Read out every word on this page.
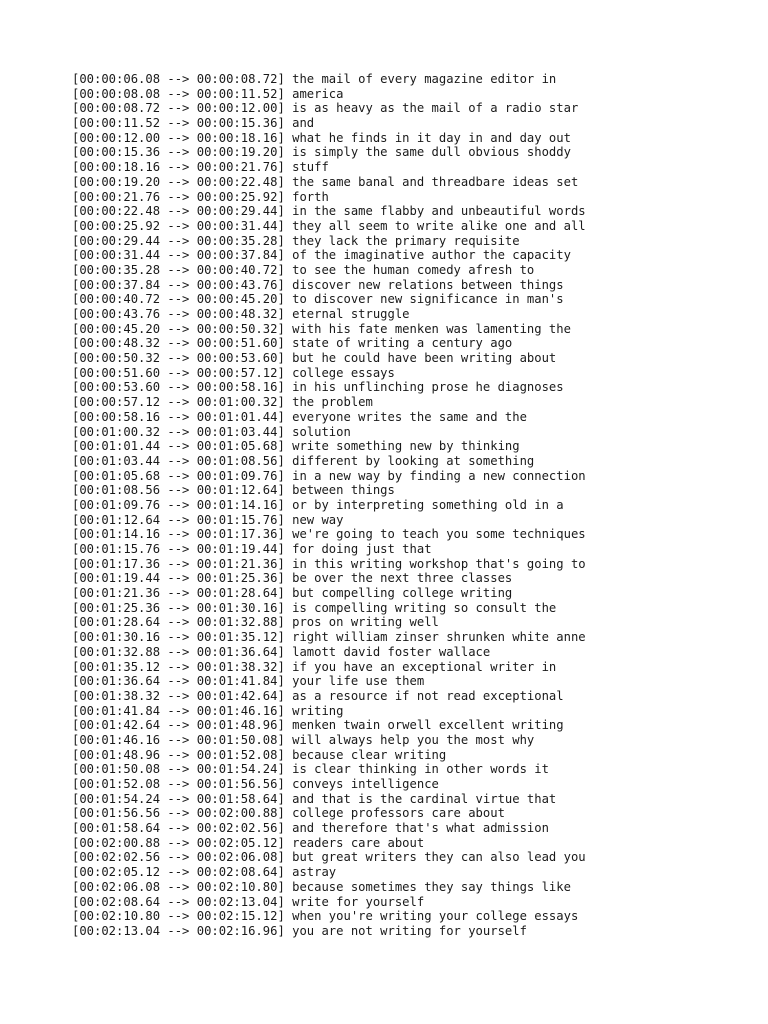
[00:00:06.08 --> 00:00:08.72] the mail of every magazine editor in
[00:00:08.08 --> 00:00:11.52] america
[00:00:08.72 --> 00:00:12.00] is as heavy as the mail of a radio star
[00:00:11.52 --> 00:00:15.36] and
[00:00:12.00 --> 00:00:18.16] what he finds in it day in and day out
[00:00:15.36 --> 00:00:19.20] is simply the same dull obvious shoddy
[00:00:18.16 --> 00:00:21.76] stuff
[00:00:19.20 --> 00:00:22.48] the same banal and threadbare ideas set
[00:00:21.76 --> 00:00:25.92] forth
[00:00:22.48 --> 00:00:29.44] in the same flabby and unbeautiful words
[00:00:25.92 --> 00:00:31.44] they all seem to write alike one and all
[00:00:29.44 --> 00:00:35.28] they lack the primary requisite
[00:00:31.44 --> 00:00:37.84] of the imaginative author the capacity
[00:00:35.28 --> 00:00:40.72] to see the human comedy afresh to
[00:00:37.84 --> 00:00:43.76] discover new relations between things
[00:00:40.72 --> 00:00:45.20] to discover new significance in man's
[00:00:43.76 --> 00:00:48.32] eternal struggle
[00:00:45.20 --> 00:00:50.32] with his fate menken was lamenting the
[00:00:48.32 --> 00:00:51.60] state of writing a century ago
[00:00:50.32 --> 00:00:53.60] but he could have been writing about
[00:00:51.60 --> 00:00:57.12] college essays
[00:00:53.60 --> 00:00:58.16] in his unflinching prose he diagnoses
[00:00:57.12 --> 00:01:00.32] the problem
[00:00:58.16 --> 00:01:01.44] everyone writes the same and the
[00:01:00.32 --> 00:01:03.44] solution
[00:01:01.44 --> 00:01:05.68] write something new by thinking
[00:01:03.44 --> 00:01:08.56] different by looking at something
[00:01:05.68 --> 00:01:09.76] in a new way by finding a new connection
[00:01:08.56 --> 00:01:12.64] between things
[00:01:09.76 --> 00:01:14.16] or by interpreting something old in a
[00:01:12.64 --> 00:01:15.76] new way
[00:01:14.16 --> 00:01:17.36] we're going to teach you some techniques
[00:01:15.76 --> 00:01:19.44] for doing just that
[00:01:17.36 --> 00:01:21.36] in this writing workshop that's going to
[00:01:19.44 --> 00:01:25.36] be over the next three classes
[00:01:21.36 --> 00:01:28.64] but compelling college writing
[00:01:25.36 --> 00:01:30.16] is compelling writing so consult the
[00:01:28.64 --> 00:01:32.88] pros on writing well
[00:01:30.16 --> 00:01:35.12] right william zinser shrunken white anne
[00:01:32.88 --> 00:01:36.64] lamott david foster wallace
[00:01:35.12 --> 00:01:38.32] if you have an exceptional writer in
[00:01:36.64 --> 00:01:41.84] your life use them
[00:01:38.32 --> 00:01:42.64] as a resource if not read exceptional
[00:01:41.84 --> 00:01:46.16] writing
[00:01:42.64 --> 00:01:48.96] menken twain orwell excellent writing
[00:01:46.16 --> 00:01:50.08] will always help you the most why
[00:01:48.96 --> 00:01:52.08] because clear writing
[00:01:50.08 --> 00:01:54.24] is clear thinking in other words it
[00:01:52.08 --> 00:01:56.56] conveys intelligence
[00:01:54.24 --> 00:01:58.64] and that is the cardinal virtue that
[00:01:56.56 --> 00:02:00.88] college professors care about
[00:01:58.64 --> 00:02:02.56] and therefore that's what admission
[00:02:00.88 --> 00:02:05.12] readers care about
[00:02:02.56 --> 00:02:06.08] but great writers they can also lead you
[00:02:05.12 --> 00:02:08.64] astray
[00:02:06.08 --> 00:02:10.80] because sometimes they say things like
[00:02:08.64 --> 00:02:13.04] write for yourself
[00:02:10.80 --> 00:02:15.12] when you're writing your college essays
[00:02:13.04 --> 00:02:16.96] you are not writing for yourself
